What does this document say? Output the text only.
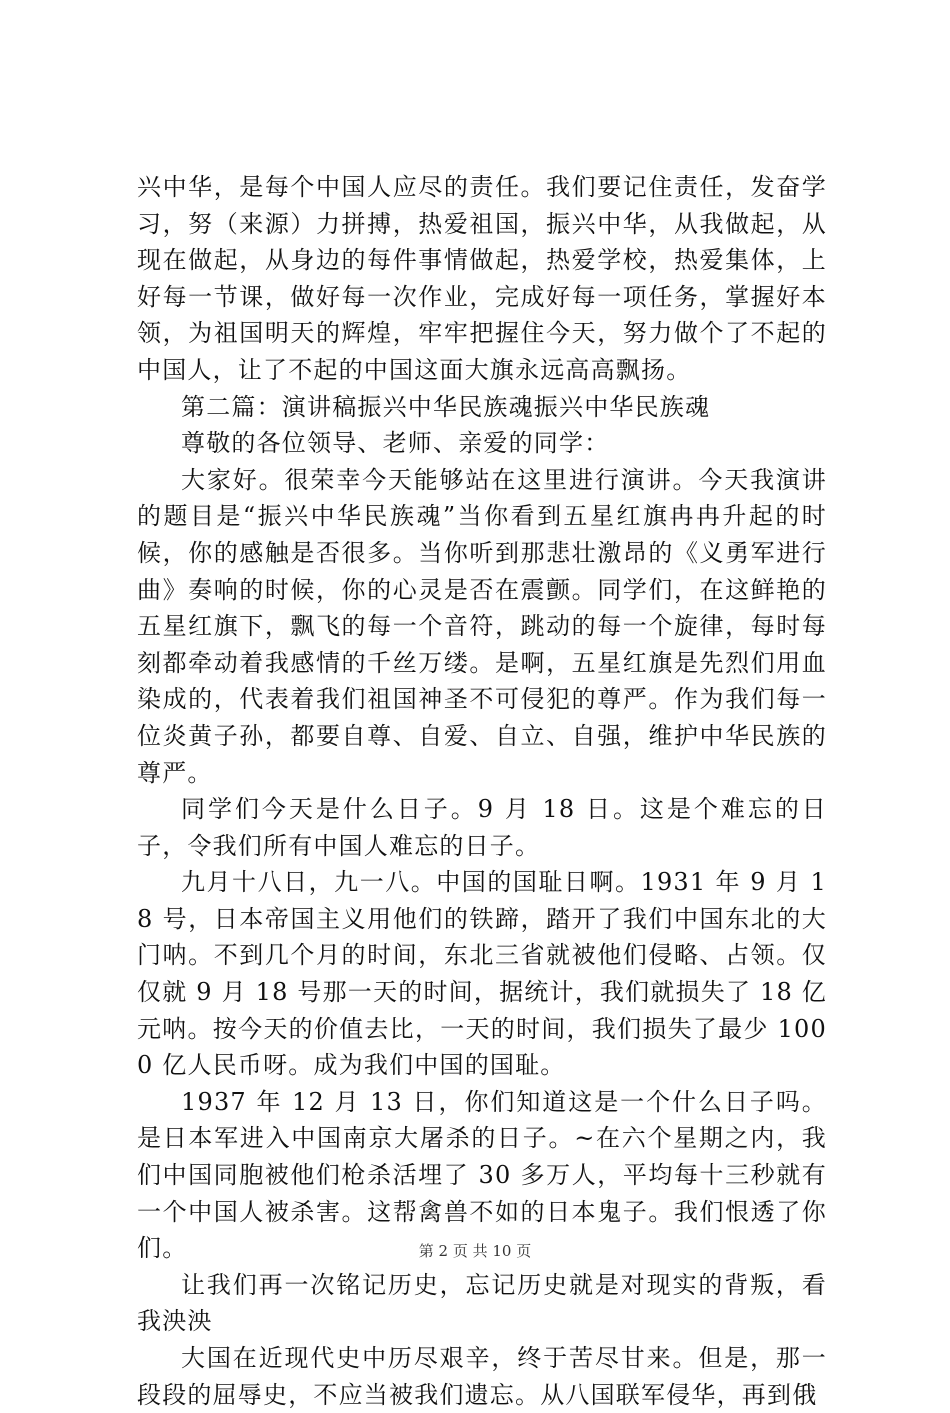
兴中华，是每个中国人应尽的责任。我们要记住责任，发奋学习，努（来源）力拼搏，热爱祖国，振兴中华，从我做起，从现在做起，从身边的每件事情做起，热爱学校，热爱集体，上好每一节课，做好每一次作业，完成好每一项任务，掌握好本领，为祖国明天的辉煌，牢牢把握住今天，努力做个了不起的中国人，让了不起的中国这面大旗永远高高飘扬。

第二篇：演讲稿振兴中华民族魂振兴中华民族魂

尊敬的各位领导、老师、亲爱的同学：

大家好。很荣幸今天能够站在这里进行演讲。今天我演讲的题目是“振兴中华民族魂”当你看到五星红旗冉冉升起的时候，你的感触是否很多。当你听到那悲壮激昂的《义勇军进行曲》奏响的时候，你的心灵是否在震颤。同学们，在这鲜艳的五星红旗下，飘飞的每一个音符，跳动的每一个旋律，每时每刻都牵动着我感情的千丝万缕。是啊，五星红旗是先烈们用血染成的，代表着我们祖国神圣不可侵犯的尊严。作为我们每一位炎黄子孙，都要自尊、自爱、自立、自强，维护中华民族的尊严。

同学们今天是什么日子。9 月 18 日。这是个难忘的日子，令我们所有中国人难忘的日子。

九月十八日，九一八。中国的国耻日啊。1931 年 9 月 18 号，日本帝国主义用他们的铁蹄，踏开了我们中国东北的大门呐。不到几个月的时间，东北三省就被他们侵略、占领。仅仅就 9 月 18 号那一天的时间，据统计，我们就损失了 18 亿元呐。按今天的价值去比，一天的时间，我们损失了最少 1000 亿人民币呀。成为我们中国的国耻。

1937 年 12 月 13 日，你们知道这是一个什么日子吗。是日本军进入中国南京大屠杀的日子。~在六个星期之内，我们中国同胞被他们枪杀活埋了 30 多万人，平均每十三秒就有一个中国人被杀害。这帮禽兽不如的日本鬼子。我们恨透了你们。

让我们再一次铭记历史，忘记历史就是对现实的背叛，看我泱泱

大国在近现代史中历尽艰辛，终于苦尽甘来。但是，那一段段的屈辱史，不应当被我们遗忘。从八国联军侵华，再到俄

第 2 页 共 10 页
